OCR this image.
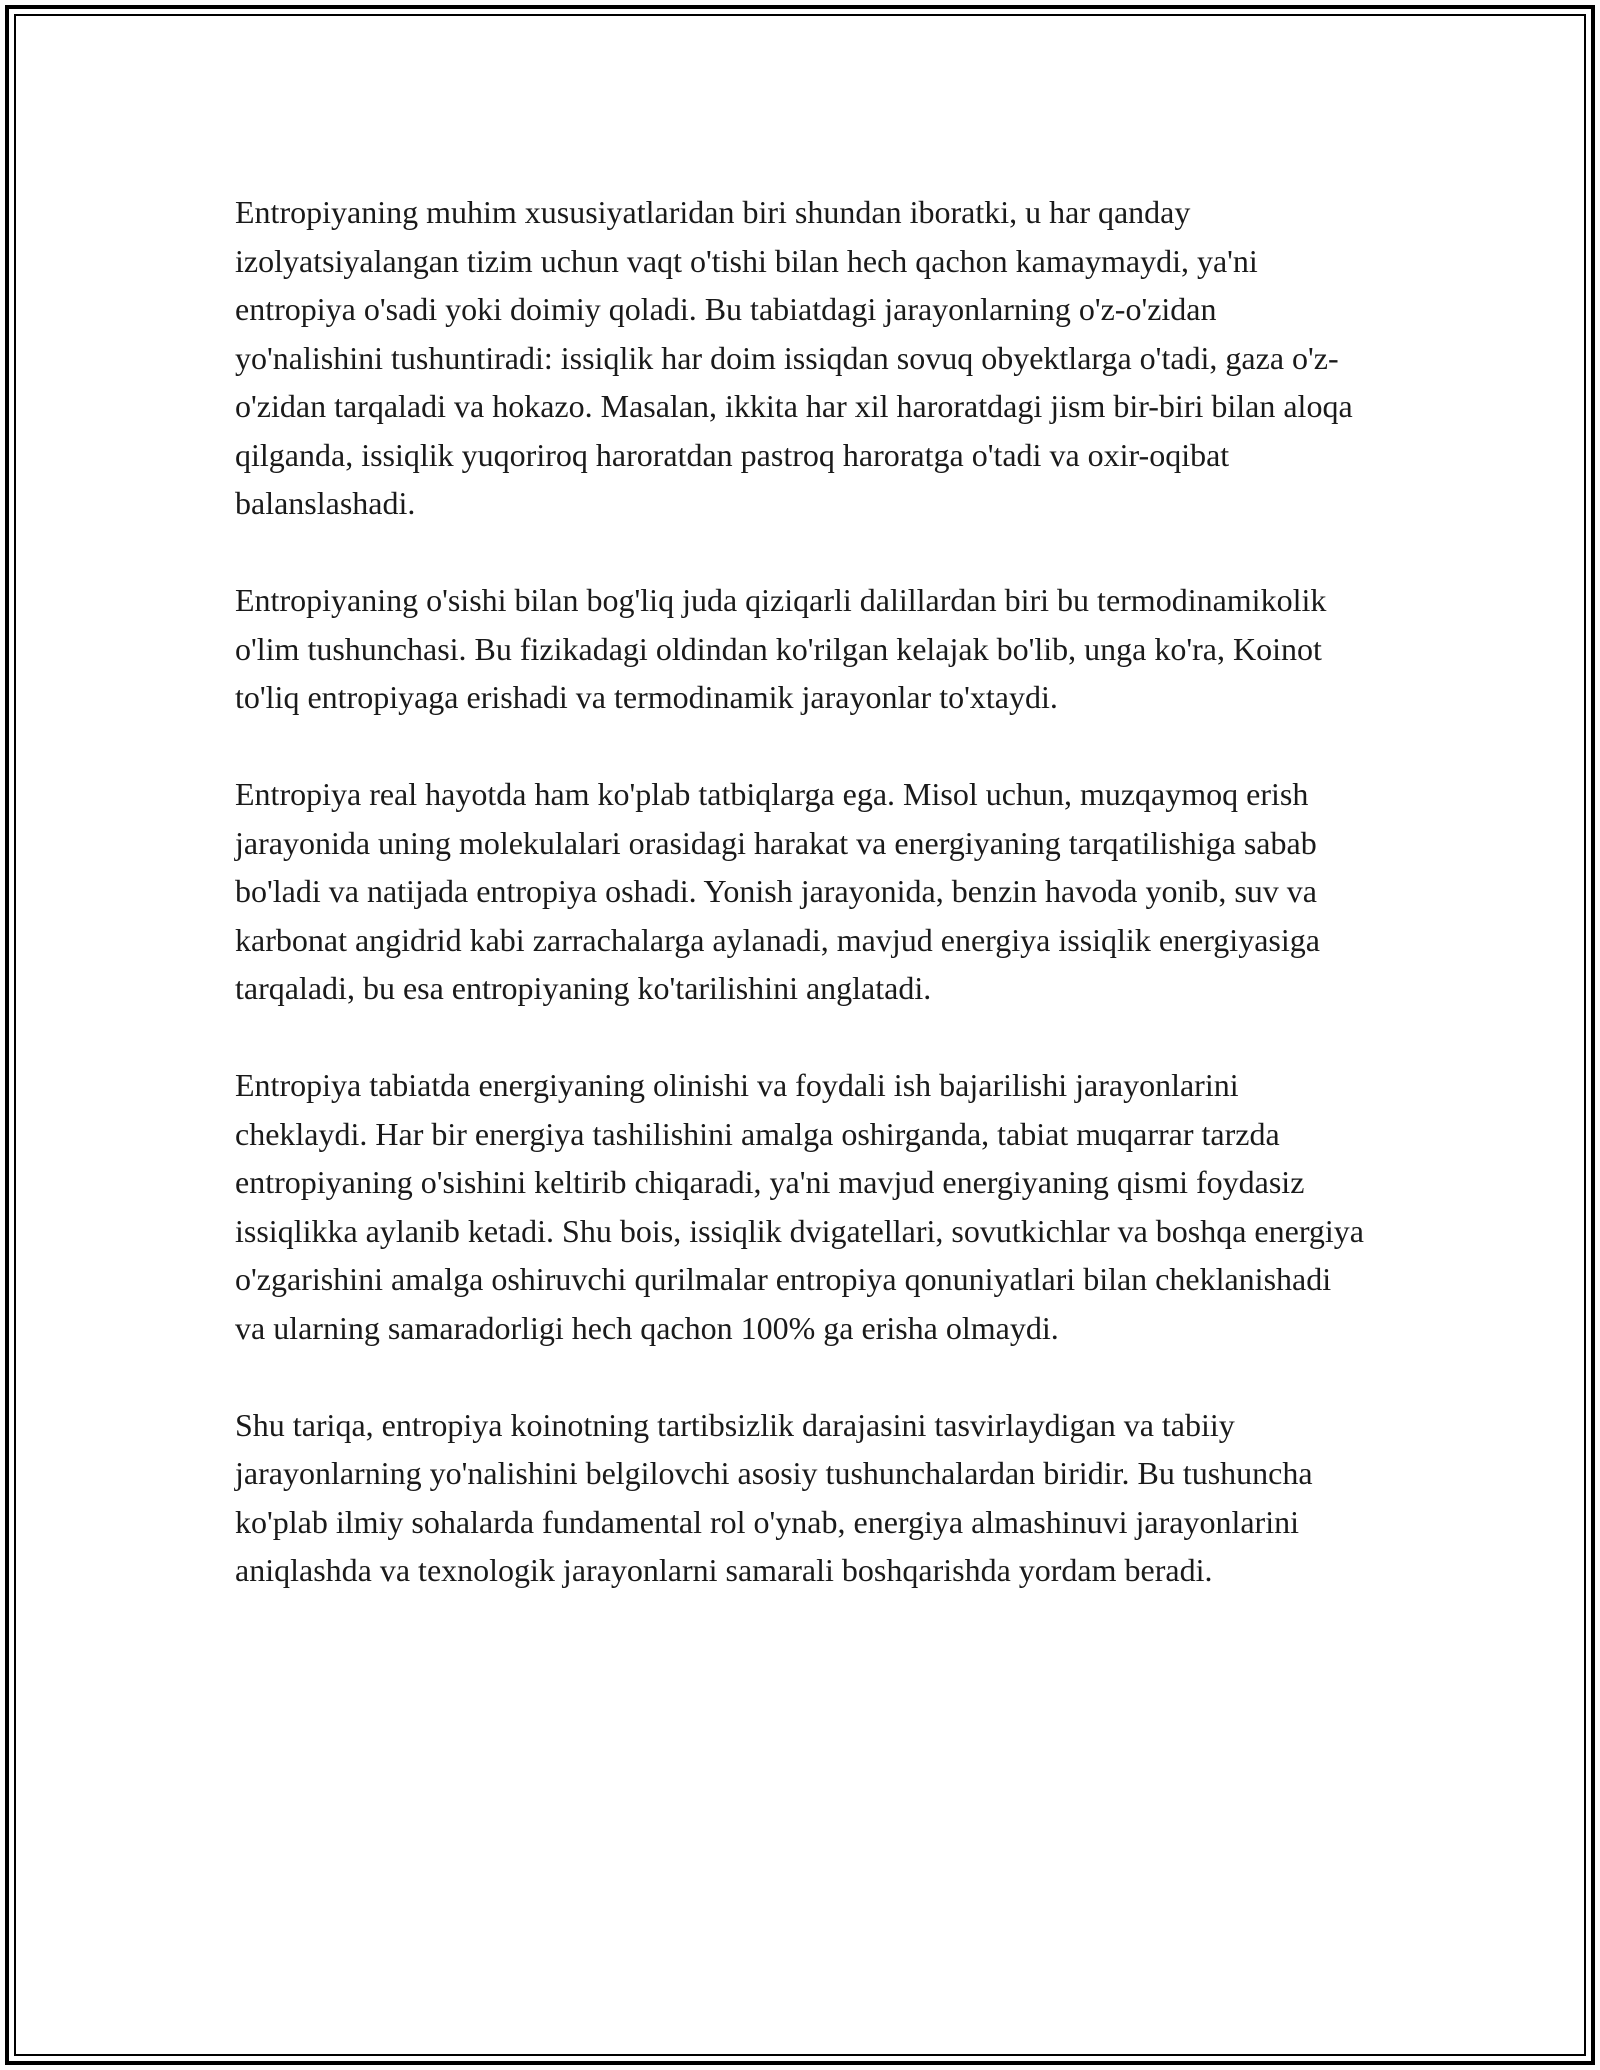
Entropiyaning muhim xususiyatlaridan biri shundan iboratki, u har qanday izolyatsiyalangan tizim uchun vaqt o'tishi bilan hech qachon kamaymaydi, ya'ni entropiya o'sadi yoki doimiy qoladi. Bu tabiatdagi jarayonlarning o'z-o'zidan yo'nalishini tushuntiradi: issiqlik har doim issiqdan sovuq obyektlarga o'tadi, gaza o'z-o'zidan tarqaladi va hokazo. Masalan, ikkita har xil haroratdagi jism bir-biri bilan aloqa qilganda, issiqlik yuqoriroq haroratdan pastroq haroratga o'tadi va oxir-oqibat balanslashadi.

Entropiyaning o'sishi bilan bog'liq juda qiziqarli dalillardan biri bu termodinamikolik o'lim tushunchasi. Bu fizikadagi oldindan ko'rilgan kelajak bo'lib, unga ko'ra, Koinot to'liq entropiyaga erishadi va termodinamik jarayonlar to'xtaydi.

Entropiya real hayotda ham ko'plab tatbiqlarga ega. Misol uchun, muzqaymoq erish jarayonida uning molekulalari orasidagi harakat va energiyaning tarqatilishiga sabab bo'ladi va natijada entropiya oshadi. Yonish jarayonida, benzin havoda yonib, suv va karbonat angidrid kabi zarrachalarga aylanadi, mavjud energiya issiqlik energiyasiga tarqaladi, bu esa entropiyaning ko'tarilishini anglatadi.

Entropiya tabiatda energiyaning olinishi va foydali ish bajarilishi jarayonlarini cheklaydi. Har bir energiya tashilishini amalga oshirganda, tabiat muqarrar tarzda entropiyaning o'sishini keltirib chiqaradi, ya'ni mavjud energiyaning qismi foydasiz issiqlikka aylanib ketadi. Shu bois, issiqlik dvigatellari, sovutkichlar va boshqa energiya o'zgarishini amalga oshiruvchi qurilmalar entropiya qonuniyatlari bilan cheklanishadi va ularning samaradorligi hech qachon 100% ga erisha olmaydi.

Shu tariqa, entropiya koinotning tartibsizlik darajasini tasvirlaydigan va tabiiy jarayonlarning yo'nalishini belgilovchi asosiy tushunchalardan biridir. Bu tushuncha ko'plab ilmiy sohalarda fundamental rol o'ynab, energiya almashinuvi jarayonlarini aniqlashda va texnologik jarayonlarni samarali boshqarishda yordam beradi.
